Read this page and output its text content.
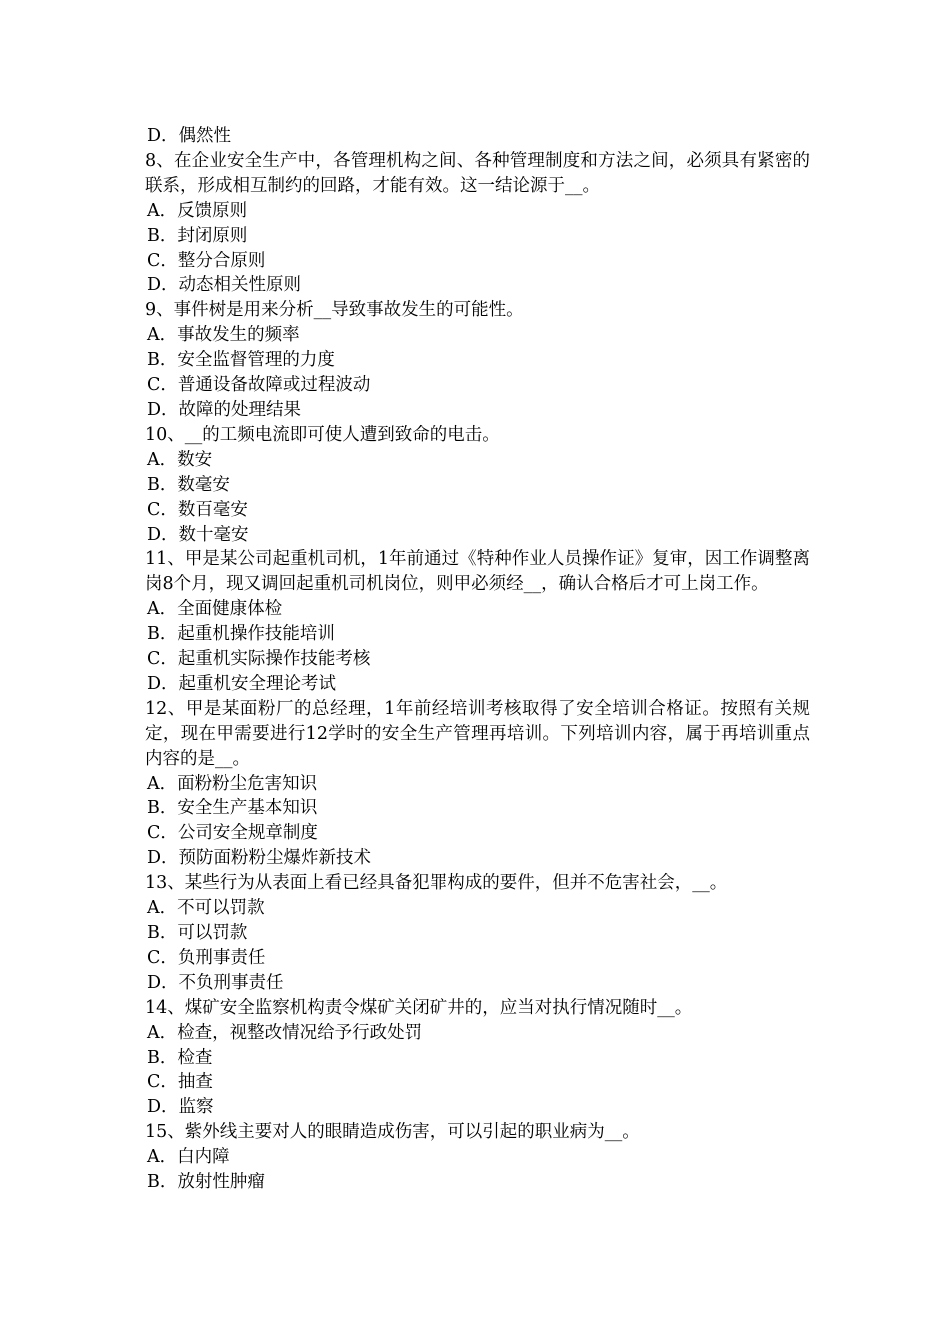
D．偶然性
8、在企业安全生产中，各管理机构之间、各种管理制度和方法之间，必须具有紧密的联系，形成相互制约的回路，才能有效。这一结论源于__。
A．反馈原则
B．封闭原则
C．整分合原则
D．动态相关性原则
9、事件树是用来分析__导致事故发生的可能性。
A．事故发生的频率
B．安全监督管理的力度
C．普通设备故障或过程波动
D．故障的处理结果
10、__的工频电流即可使人遭到致命的电击。
A．数安
B．数毫安
C．数百毫安
D．数十毫安
11、甲是某公司起重机司机，1年前通过《特种作业人员操作证》复审，因工作调整离岗8个月，现又调回起重机司机岗位，则甲必须经__，确认合格后才可上岗工作。
A．全面健康体检
B．起重机操作技能培训
C．起重机实际操作技能考核
D．起重机安全理论考试
12、甲是某面粉厂的总经理，1年前经培训考核取得了安全培训合格证。按照有关规定，现在甲需要进行12学时的安全生产管理再培训。下列培训内容，属于再培训重点内容的是__。
A．面粉粉尘危害知识
B．安全生产基本知识
C．公司安全规章制度
D．预防面粉粉尘爆炸新技术
13、某些行为从表面上看已经具备犯罪构成的要件，但并不危害社会，__。
A．不可以罚款
B．可以罚款
C．负刑事责任
D．不负刑事责任
14、煤矿安全监察机构责令煤矿关闭矿井的，应当对执行情况随时__。
A．检查，视整改情况给予行政处罚
B．检查
C．抽查
D．监察
15、紫外线主要对人的眼睛造成伤害，可以引起的职业病为__。
A．白内障
B．放射性肿瘤
